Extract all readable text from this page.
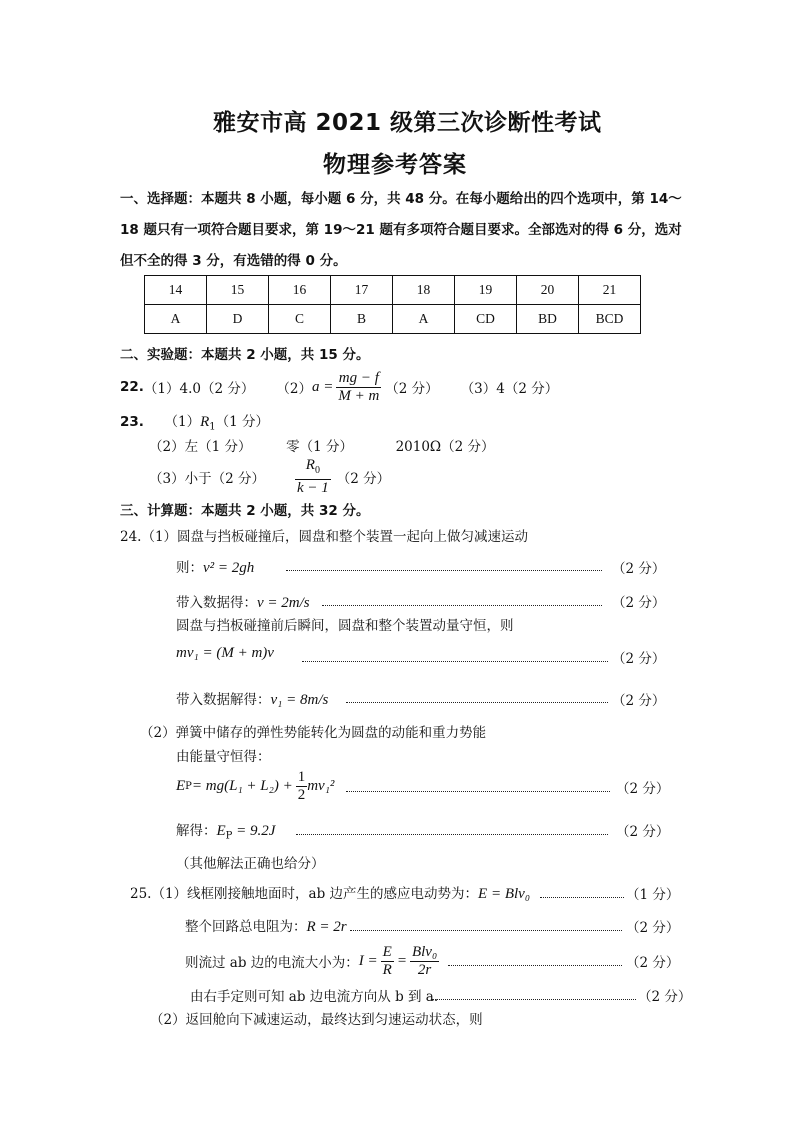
雅安市高 2021 级第三次诊断性考试
物理参考答案
一、选择题：本题共 8 小题，每小题 6 分，共 48 分。在每小题给出的四个选项中，第 14～
18 题只有一项符合题目要求，第 19～21 题有多项符合题目要求。全部选对的得 6 分，选对
但不全的得 3 分，有选错的得 0 分。
14	15	16	17	18	19	20	21
A	D	C	B	A	CD	BD	BCD
二、实验题：本题共 2 小题，共 15 分。
22. （1）4.0（2 分） （2） $a = \frac{mg - f}{M + m} (2$ 分） （3）4（2 分）
23. $(1)R_1(1$ 分）
（2）左（1 分）	零（1 分）	2010Ω（2 分）
（3）小于（2 分） $\frac{R_0}{k - 1} (2$ 分）
三、计算题：本题共 2 小题，共 32 分。
24.（1）圆盘与挡板碰撞后，圆盘和整个装置一起向上做匀减速运动
则：v² = 2gh	（2 分）
带入数据得：v = 2m/s	（2 分）
圆盘与挡板碰撞前后瞬间，圆盘和整个装置动量守恒，则
mv₁ = (M + m)v	（2 分）
带入数据解得：v₁ = 8m/s	（2 分）
（2）弹簧中储存的弹性势能转化为圆盘的动能和重力势能
由能量守恒得：
E $P = mg(L_1 + L_2) + \frac{1}{2} mv_1^2$	（2 分）
解得：$E_P = 9.2J$	（2 分）
（其他解法正确也给分）
25.（1）线框刚接触地面时，ab 边产生的感应电动势为：E = Blv₀	（1 分）
整个回路总电阻为：R = 2r	（2 分）
则流过 ab 边的电流大小为： $I = \frac{E}{R} = \frac{\text{Blv₀}}{2r}$	（2 分）
由右手定则可知 ab 边电流方向从 b 到 a.	（2 分）
（2）返回舱向下减速运动，最终达到匀速运动状态，则
